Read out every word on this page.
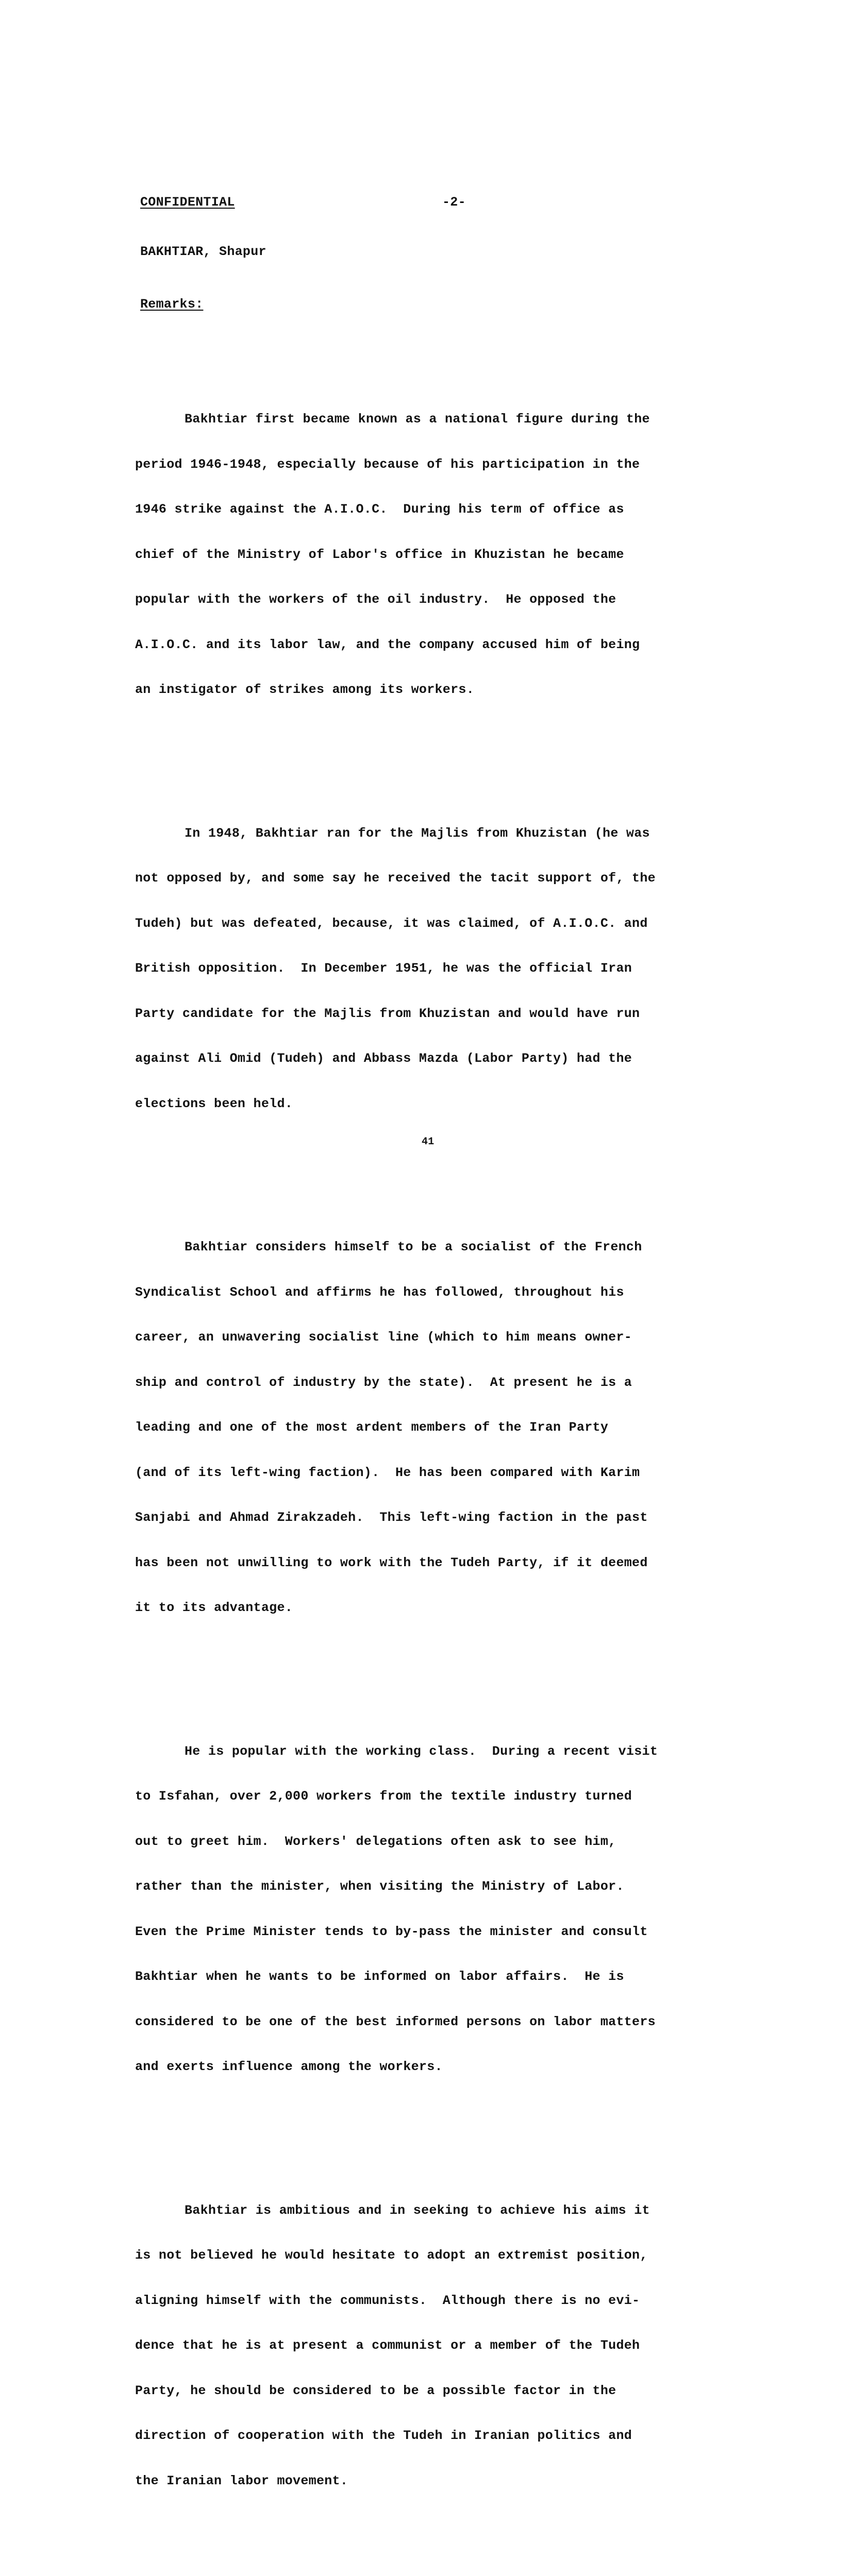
CONFIDENTIAL	-2-
BAKHTIAR, Shapur
Remarks:

Bakhtiar first became known as a national figure during the

period 1946-1948, especially because of his participation in the

1946 strike against the A.I.O.C.  During his term of office as

chief of the Ministry of Labor's office in Khuzistan he became

popular with the workers of the oil industry.  He opposed the

A.I.O.C. and its labor law, and the company accused him of being

an instigator of strikes among its workers.

In 1948, Bakhtiar ran for the Majlis from Khuzistan (he was

not opposed by, and some say he received the tacit support of, the

Tudeh) but was defeated, because, it was claimed, of A.I.O.C. and

British opposition.  In December 1951, he was the official Iran

Party candidate for the Majlis from Khuzistan and would have run

against Ali Omid (Tudeh) and Abbass Mazda (Labor Party) had the

elections been held.

Bakhtiar considers himself to be a socialist of the French

Syndicalist School and affirms he has followed, throughout his

career, an unwavering socialist line (which to him means owner-

ship and control of industry by the state).  At present he is a

leading and one of the most ardent members of the Iran Party

(and of its left-wing faction).  He has been compared with Karim

Sanjabi and Ahmad Zirakzadeh.  This left-wing faction in the past

has been not unwilling to work with the Tudeh Party, if it deemed

it to its advantage.

He is popular with the working class.  During a recent visit

to Isfahan, over 2,000 workers from the textile industry turned

out to greet him.  Workers' delegations often ask to see him,

rather than the minister, when visiting the Ministry of Labor.

Even the Prime Minister tends to by-pass the minister and consult

Bakhtiar when he wants to be informed on labor affairs.  He is

considered to be one of the best informed persons on labor matters

and exerts influence among the workers.

Bakhtiar is ambitious and in seeking to achieve his aims it

is not believed he would hesitate to adopt an extremist position,

aligning himself with the communists.  Although there is no evi-

dence that he is at present a communist or a member of the Tudeh

Party, he should be considered to be a possible factor in the

direction of cooperation with the Tudeh in Iranian politics and

the Iranian labor movement.

41
